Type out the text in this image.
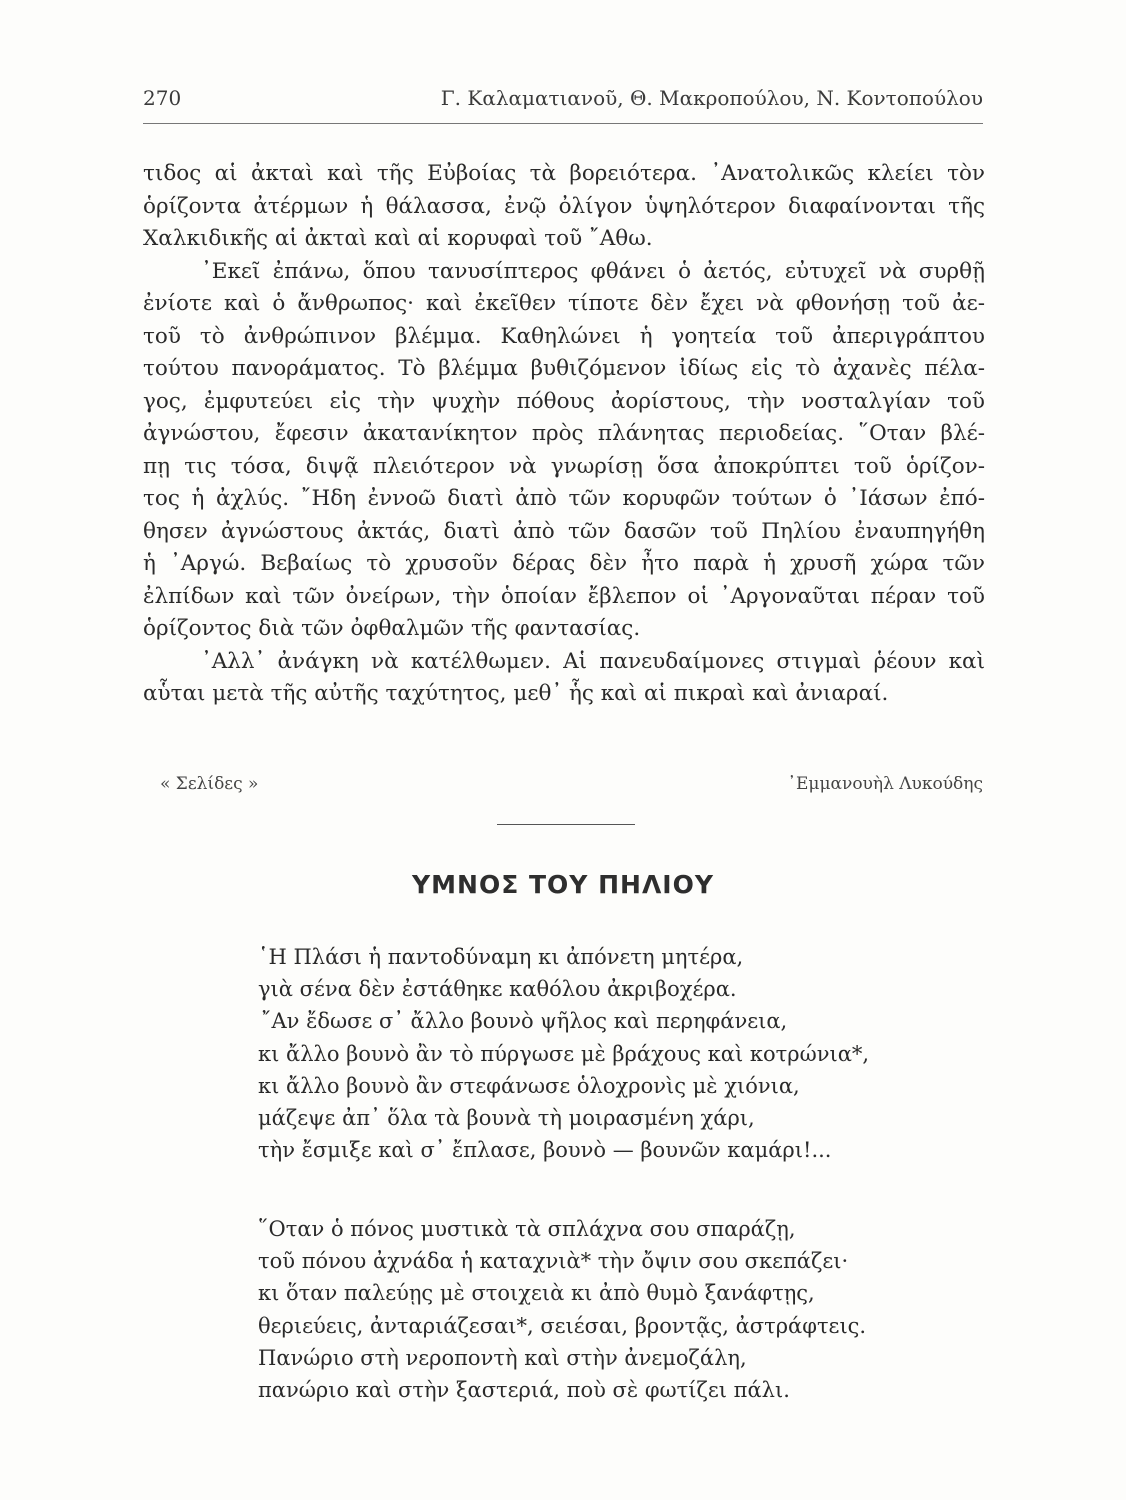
270	Γ. Καλαματιανοῦ, Θ. Μακροπούλου, Ν. Κοντοπούλου
τιδος αἱ ἀκταὶ καὶ τῆς Εὐβοίας τὰ βορειότερα. ᾿Ανατολικῶς κλείει τὸν
ὁρίζοντα ἀτέρμων ἡ θάλασσα, ἐνῷ ὀλίγον ὑψηλότερον διαφαίνονται τῆς
Χαλκιδικῆς αἱ ἀκταὶ καὶ αἱ κορυφαὶ τοῦ ῎Αθω.
᾿Εκεῖ ἐπάνω, ὅπου τανυσίπτερος φθάνει ὁ ἀετός, εὐτυχεῖ νὰ συρθῇ
ἐνίοτε καὶ ὁ ἄνθρωπος· καὶ ἐκεῖθεν τίποτε δὲν ἔχει νὰ φθονήσῃ τοῦ ἀε-
τοῦ τὸ ἀνθρώπινον βλέμμα. Καθηλώνει ἡ γοητεία τοῦ ἀπεριγράπτου
τούτου πανοράματος. Τὸ βλέμμα βυθιζόμενον ἰδίως εἰς τὸ ἀχανὲς πέλα-
γος, ἐμφυτεύει εἰς τὴν ψυχὴν πόθους ἀορίστους, τὴν νοσταλγίαν τοῦ
ἀγνώστου, ἔφεσιν ἀκατανίκητον πρὸς πλάνητας περιοδείας. ῞Οταν βλέ-
πῃ τις τόσα, διψᾷ πλειότερον νὰ γνωρίσῃ ὅσα ἀποκρύπτει τοῦ ὁρίζον-
τος ἡ ἀχλύς. ῎Ηδη ἐννοῶ διατὶ ἀπὸ τῶν κορυφῶν τούτων ὁ ᾿Ιάσων ἐπό-
θησεν ἀγνώστους ἀκτάς, διατὶ ἀπὸ τῶν δασῶν τοῦ Πηλίου ἐναυπηγήθη
ἡ ᾿Αργώ. Βεβαίως τὸ χρυσοῦν δέρας δὲν ἦτο παρὰ ἡ χρυσῆ χώρα τῶν
ἐλπίδων καὶ τῶν ὀνείρων, τὴν ὁποίαν ἔβλεπον οἱ ᾿Αργοναῦται πέραν τοῦ
ὁρίζοντος διὰ τῶν ὀφθαλμῶν τῆς φαντασίας.
᾿Αλλ᾿ ἀνάγκη νὰ κατέλθωμεν. Αἱ πανευδαίμονες στιγμαὶ ῥέουν καὶ
αὗται μετὰ τῆς αὐτῆς ταχύτητος, μεθ᾿ ἧς καὶ αἱ πικραὶ καὶ ἀνιαραί.
« Σελίδες »	᾿Εμμανουὴλ Λυκούδης
ΥΜΝΟΣ ΤΟΥ ΠΗΛΙΟΥ
῾Η Πλάσι ἡ παντοδύναμη κι ἀπόνετη μητέρα,
γιὰ σένα δὲν ἐστάθηκε καθόλου ἀκριβοχέρα.
῎Αν ἔδωσε σ᾿ ἄλλο βουνὸ ψῆλος καὶ περηφάνεια,
κι ἄλλο βουνὸ ἂν τὸ πύργωσε μὲ βράχους καὶ κοτρώνια*,
κι ἄλλο βουνὸ ἂν στεφάνωσε ὁλοχρονὶς μὲ χιόνια,
μάζεψε ἀπ᾿ ὅλα τὰ βουνὰ τὴ μοιρασμένη χάρι,
τὴν ἔσμιξε καὶ σ᾿ ἔπλασε, βουνὸ — βουνῶν καμάρι!...
῞Οταν ὁ πόνος μυστικὰ τὰ σπλάχνα σου σπαράζῃ,
τοῦ πόνου ἀχνάδα ἡ καταχνιὰ* τὴν ὄψιν σου σκεπάζει·
κι ὅταν παλεύῃς μὲ στοιχειὰ κι ἀπὸ θυμὸ ξανάφτῃς,
θεριεύεις, ἀνταριάζεσαι*, σειέσαι, βροντᾷς, ἀστράφτεις.
Πανώριο στὴ νεροποντὴ καὶ στὴν ἀνεμοζάλη,
πανώριο καὶ στὴν ξαστεριά, ποὺ σὲ φωτίζει πάλι.
